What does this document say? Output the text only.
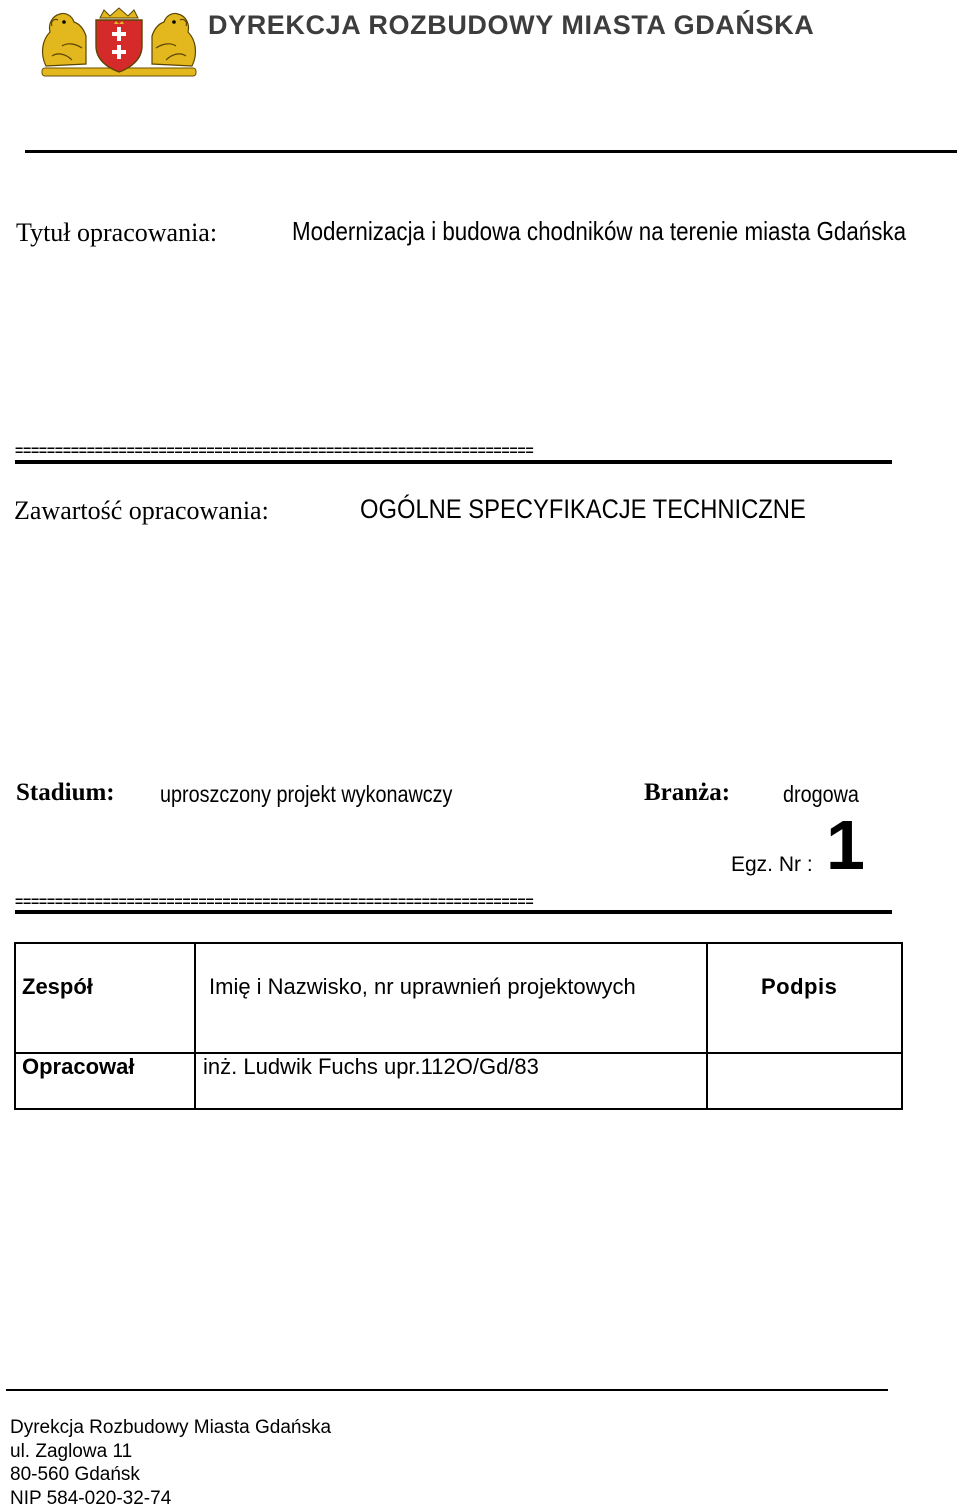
DYREKCJA ROZBUDOWY MIASTA GDAŃSKA
Tytuł opracowania:	Modernizacja i budowa chodników na terenie miasta Gdańska
=================================================================
Zawartość opracowania:	OGÓLNE SPECYFIKACJE TECHNICZNE
Stadium: uproszczony projekt wykonawczy	Branża: drogowa
Egz. Nr : 1
=================================================================
Zespół	Imię i Nazwisko, nr uprawnień projektowych	Podpis

Opracował	inż. Ludwik Fuchs upr.112O/Gd/83	

Dyrekcja Rozbudowy Miasta Gdańska
ul. Zaglowa 11
80-560 Gdańsk
NIP 584-020-32-74
